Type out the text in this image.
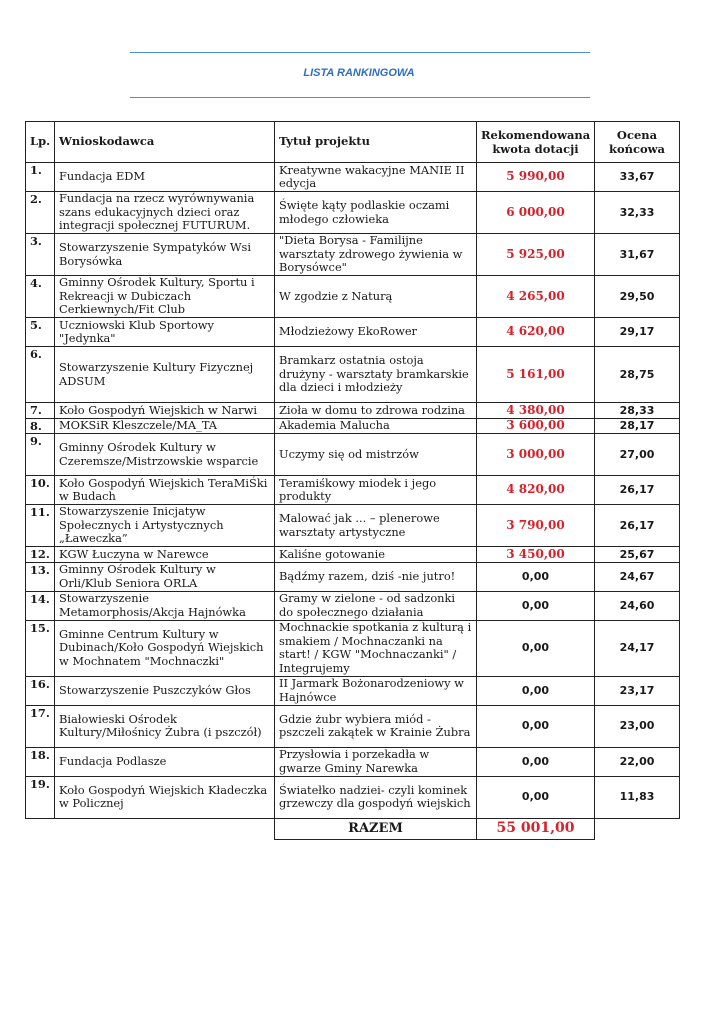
LISTA RANKINGOWA
Lp.	Wnioskodawca	Tytuł projektu	Rekomendowana kwota dotacji	Ocena końcowa
1.	Fundacja EDM	Kreatywne wakacyjne MANIE II edycja	5 990,00	33,67
2.	Fundacja na rzecz wyrównywania szans edukacyjnych dzieci oraz integracji społecznej FUTURUM.	Święte kąty podlaskie oczami młodego człowieka	6 000,00	32,33
3.	Stowarzyszenie Sympatyków Wsi Borysówka	"Dieta Borysa - Familijne warsztaty zdrowego żywienia w Borysówce"	5 925,00	31,67
4.	Gminny Ośrodek Kultury, Sportu i Rekreacji w Dubiczach Cerkiewnych/Fit Club	W zgodzie z Naturą	4 265,00	29,50
5.	Uczniowski Klub Sportowy "Jedynka"	Młodzieżowy EkoRower	4 620,00	29,17
6.	Stowarzyszenie Kultury Fizycznej ADSUM	Bramkarz ostatnia ostoja drużyny - warsztaty bramkarskie dla dzieci i młodzieży	5 161,00	28,75
7.	Koło Gospodyń Wiejskich w Narwi	Zioła w domu to zdrowa rodzina	4 380,00	28,33
8.	MOKSiR Kleszczele/MA_TA	Akademia Malucha	3 600,00	28,17
9.	Gminny Ośrodek Kultury w Czeremsze/Mistrzowskie wsparcie	Uczymy się od mistrzów	3 000,00	27,00
10.	Koło Gospodyń Wiejskich TeraMiŚki w Budach	Teramiśkowy miodek i jego produkty	4 820,00	26,17
11.	Stowarzyszenie Inicjatyw Społecznych i Artystycznych „Ławeczka”	Malować jak ... – plenerowe warsztaty artystyczne	3 790,00	26,17
12.	KGW Łuczyna w Narewce	Kaliśne gotowanie	3 450,00	25,67
13.	Gminny Ośrodek Kultury w Orli/Klub Seniora ORLA	Bądźmy razem, dziś -nie jutro!	0,00	24,67
14.	Stowarzyszenie Metamorphosis/Akcja Hajnówka	Gramy w zielone - od sadzonki do społecznego działania	0,00	24,60
15.	Gminne Centrum Kultury w Dubinach/Koło Gospodyń Wiejskich w Mochnatem "Mochnaczki"	Mochnackie spotkania z kulturą i smakiem / Mochnaczanki na start! / KGW "Mochnaczanki" / Integrujemy	0,00	24,17
16.	Stowarzyszenie Puszczyków Głos	II Jarmark Bożonarodzeniowy w Hajnówce	0,00	23,17
17.	Białowieski Ośrodek Kultury/Miłośnicy Żubra (i pszczół)	Gdzie żubr wybiera miód - pszczeli zakątek w Krainie Żubra	0,00	23,00
18.	Fundacja Podlasze	Przysłowia i porzekadła w gwarze Gminy Narewka	0,00	22,00
19.	Koło Gospodyń Wiejskich Kładeczka w Policznej	Światełko nadziei- czyli kominek grzewczy dla gospodyń wiejskich	0,00	11,83
		RAZEM	55 001,00	
